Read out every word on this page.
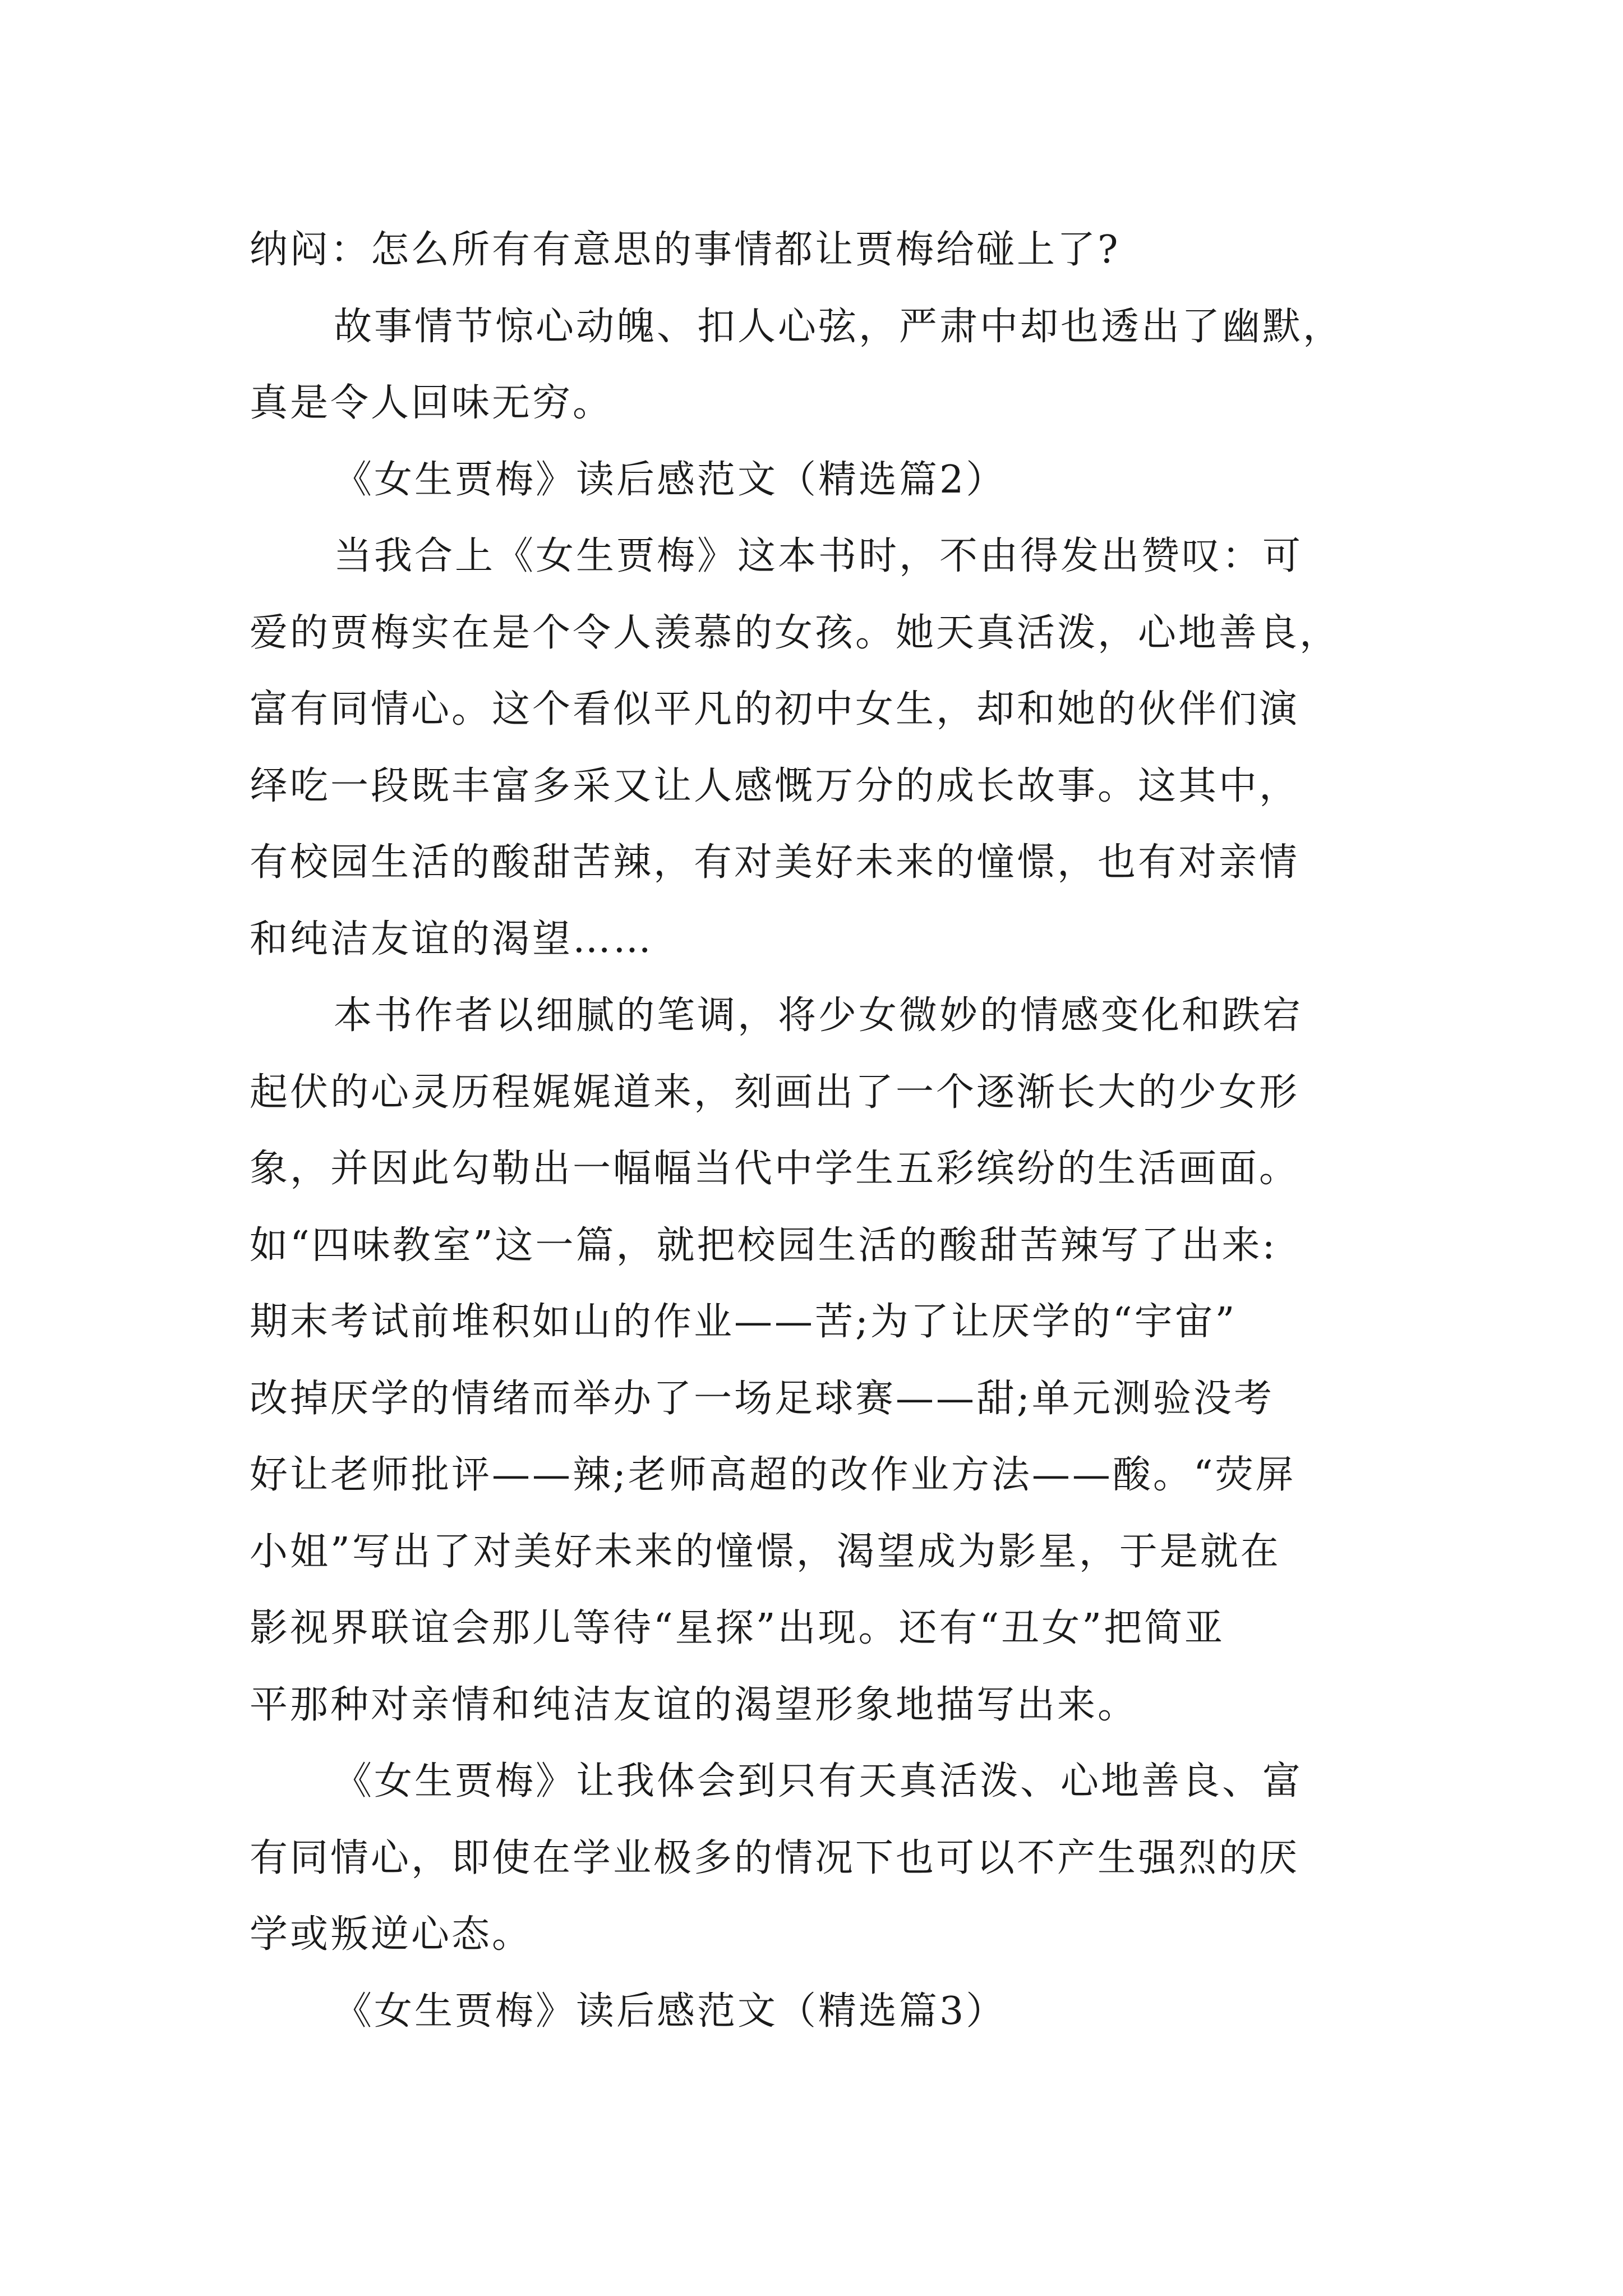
纳闷：怎么所有有意思的事情都让贾梅给碰上了?
故事情节惊心动魄、扣人心弦，严肃中却也透出了幽默，
真是令人回味无穷。
《女生贾梅》读后感范文（精选篇2）
当我合上《女生贾梅》这本书时，不由得发出赞叹：可
爱的贾梅实在是个令人羡慕的女孩。她天真活泼，心地善良，
富有同情心。这个看似平凡的初中女生，却和她的伙伴们演
绎吃一段既丰富多采又让人感慨万分的成长故事。这其中，
有校园生活的酸甜苦辣，有对美好未来的憧憬，也有对亲情
和纯洁友谊的渴望……
本书作者以细腻的笔调，将少女微妙的情感变化和跌宕
起伏的心灵历程娓娓道来，刻画出了一个逐渐长大的少女形
象，并因此勾勒出一幅幅当代中学生五彩缤纷的生活画面。
如“四味教室”这一篇，就把校园生活的酸甜苦辣写了出来:
期末考试前堆积如山的作业——苦;为了让厌学的“宇宙”
改掉厌学的情绪而举办了一场足球赛——甜;单元测验没考
好让老师批评——辣;老师高超的改作业方法——酸。“荧屏
小姐”写出了对美好未来的憧憬，渴望成为影星，于是就在
影视界联谊会那儿等待“星探”出现。还有“丑女”把简亚
平那种对亲情和纯洁友谊的渴望形象地描写出来。
《女生贾梅》让我体会到只有天真活泼、心地善良、富
有同情心，即使在学业极多的情况下也可以不产生强烈的厌
学或叛逆心态。
《女生贾梅》读后感范文（精选篇3）
